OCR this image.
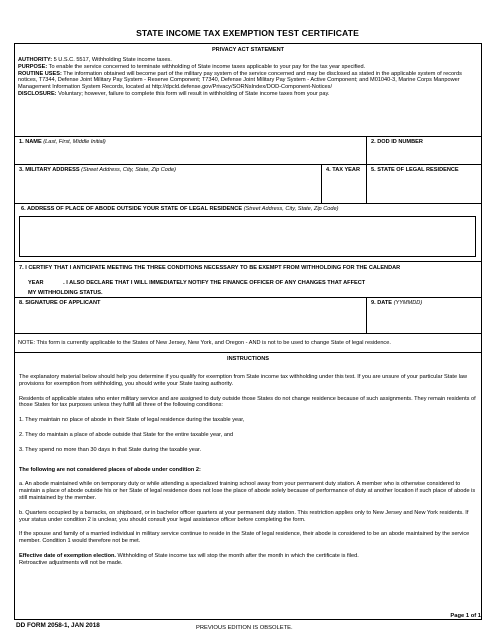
STATE INCOME TAX EXEMPTION TEST CERTIFICATE
PRIVACY ACT STATEMENT

AUTHORITY: 5 U.S.C. 5517, Withholding State income taxes.

PURPOSE: To enable the service concerned to terminate withholding of State income taxes applicable to your pay for the tax year specified.

ROUTINE USES: The information obtained will become part of the military pay system of the service concerned and may be disclosed as stated in the applicable system of records notices, T7344, Defense Joint Military Pay System - Reserve Component; T7340, Defense Joint Military Pay System - Active Component; and M01040-3, Marine Corps Manpower Management Information System Records, located at http://dpcld.defense.gov/Privacy/SORNsIndex/DOD-Component-Notices/

DISCLOSURE: Voluntary; however, failure to complete this form will result in withholding of State income taxes from your pay.

1. NAME (Last, First, Middle Initial)	2. DOD ID NUMBER
3. MILITARY ADDRESS (Street Address, City, State, Zip Code)	4. TAX YEAR	5. STATE OF LEGAL RESIDENCE
6. ADDRESS OF PLACE OF ABODE OUTSIDE YOUR STATE OF LEGAL RESIDENCE (Street Address, City, State, Zip Code)
7. I CERTIFY THAT I ANTICIPATE MEETING THE THREE CONDITIONS NECESSARY TO BE EXEMPT FROM WITHHOLDING FOR THE CALENDAR
YEAR	. I ALSO DECLARE THAT I WILL IMMEDIATELY NOTIFY THE FINANCE OFFICER OF ANY CHANGES THAT AFFECT
MY WITHHOLDING STATUS.
8. SIGNATURE OF APPLICANT	9. DATE (YYMMDD)
NOTE: This form is currently applicable to the States of New Jersey, New York, and Oregon - AND is not to be used to change State of legal residence.
INSTRUCTIONS

The explanatory material below should help you determine if you qualify for exemption from State income tax withholding under this test. If you are unsure of your particular State law provisions for exemption from withholding, you should write your State taxing authority.

Residents of applicable states who enter military service and are assigned to duty outside those States do not change residence because of such assignments. They remain residents of those States for tax purposes unless they fulfill all three of the following conditions:

1. They maintain no place of abode in their State of legal residence during the taxable year,

2. They do maintain a place of abode outside that State for the entire taxable year, and

3. They spend no more than 30 days in that State during the taxable year.

The following are not considered places of abode under condition 2:

a. An abode maintained while on temporary duty or while attending a specialized training school away from your permanent duty station. A member who is otherwise considered to maintain a place of abode outside his or her State of legal residence does not lose the place of abode solely because of performance of duty at another location if such place of abode is still maintained by the member.

b. Quarters occupied by a barracks, on shipboard, or in bachelor officer quarters at your permanent duty station. This restriction applies only to New Jersey and New York residents. If your status under condition 2 is unclear, you should consult your legal assistance officer before completing the form.

If the spouse and family of a married individual in military service continue to reside in the State of legal residence, their abode is considered to be an abode maintained by the service member. Condition 1 would therefore not be met.

Effective date of exemption election. Withholding of State income tax will stop the month after the month in which the certificate is filed.

Retroactive adjustments will not be made.

DD FORM 2058-1, JAN 2018	PREVIOUS EDITION IS OBSOLETE.
Page 1 of 1
